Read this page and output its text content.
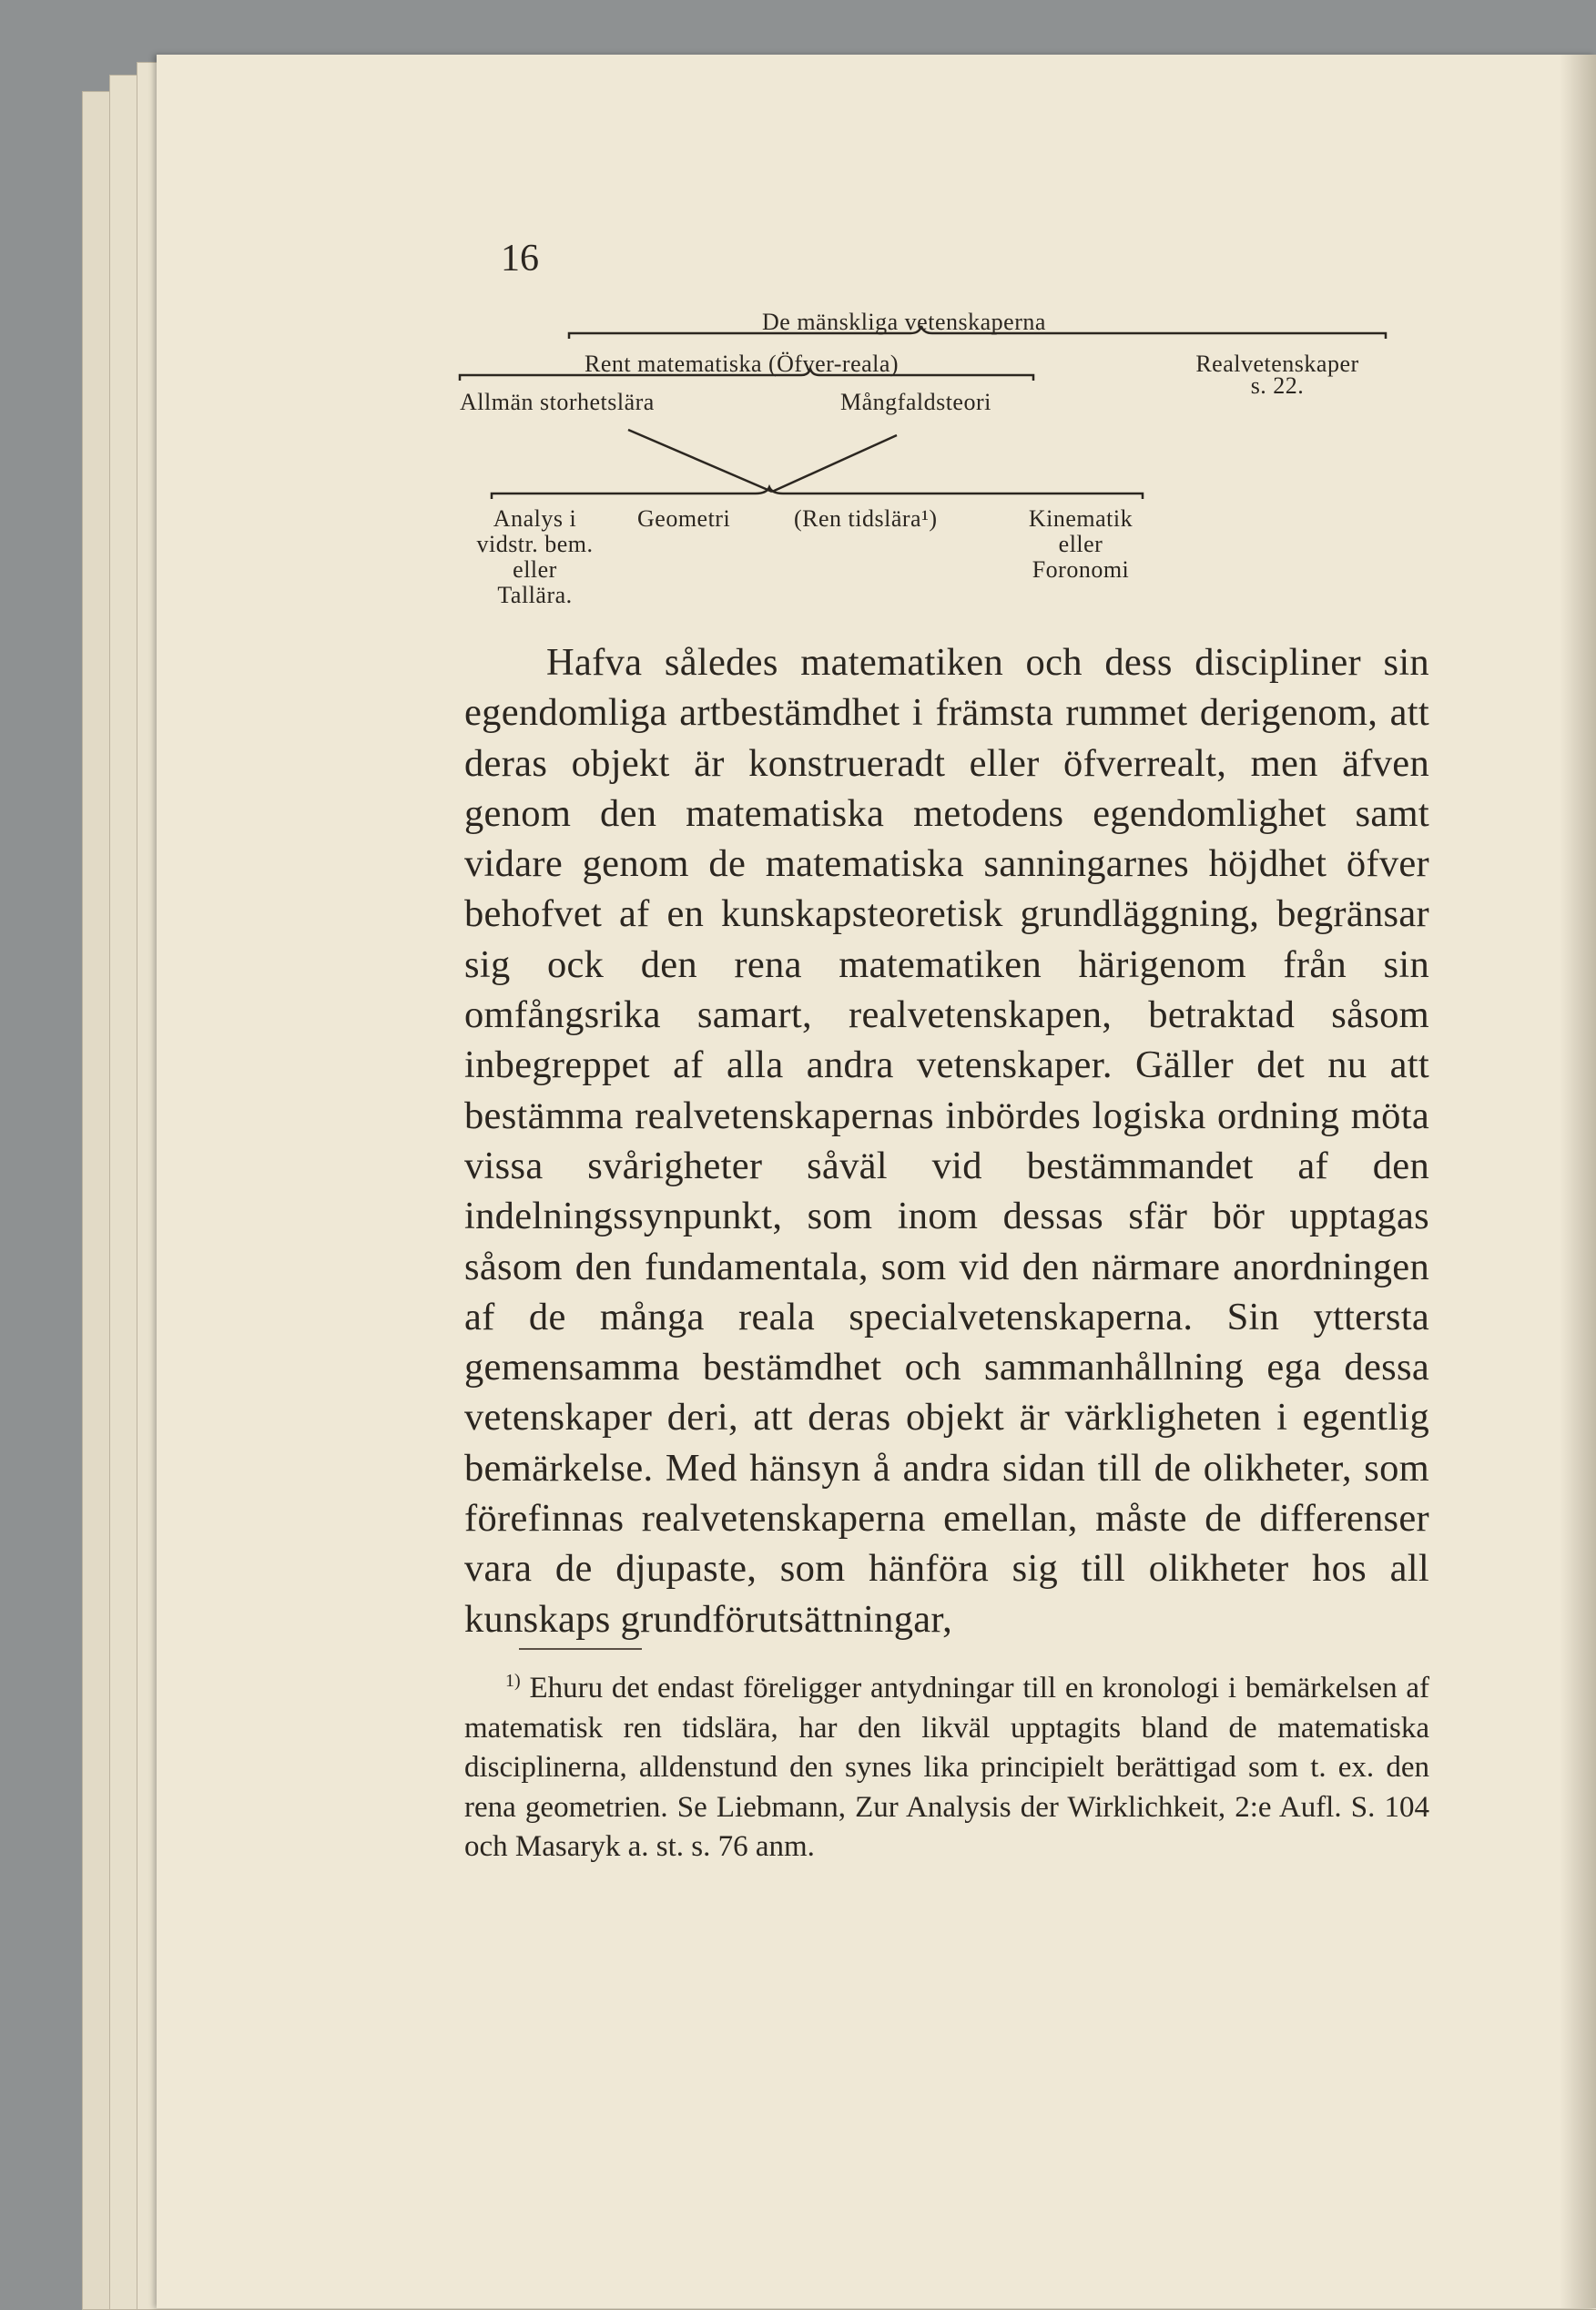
16
De mänskliga vetenskaperna
Rent matematiska (Öfver-reala)	Realvetenskaper
s. 22.
Allmän storhetslära	Mångfaldsteori
Analys i
vidstr. bem.
eller
Tallära.
Geometri	(Ren tidslära¹)	Kinematik
eller
Foronomi

Hafva således matematiken och dess discipliner sin egendomliga artbestämdhet i främsta rummet derigenom, att deras objekt är konstrueradt eller öfverrealt, men äfven genom den matematiska metodens egendomlighet samt vidare genom de matematiska sanningarnes höjdhet öfver behofvet af en kunskapsteoretisk grundläggning, begränsar sig ock den rena matematiken härigenom från sin omfångsrika samart, realvetenskapen, betraktad såsom inbegreppet af alla andra vetenskaper. Gäller det nu att bestämma realvetenskapernas inbördes logiska ordning möta vissa svårigheter såväl vid bestämmandet af den indelningssynpunkt, som inom dessas sfär bör upptagas såsom den fundamentala, som vid den närmare anordningen af de många reala specialvetenskaperna. Sin yttersta gemensamma bestämdhet och sammanhållning ega dessa vetenskaper deri, att deras objekt är värkligheten i egentlig bemärkelse. Med hänsyn å andra sidan till de olikheter, som förefinnas realvetenskaperna emellan, måste de differenser vara de djupaste, som hänföra sig till olikheter hos all kunskaps grundförutsättningar,

$^{1)}$ Ehuru det endast föreligger antydningar till en kronologi i bemärkelsen af matematisk ren tidslära, har den likväl upptagits bland de matematiska disciplinerna, alldenstund den synes lika principielt berättigad som t. ex. den rena geometrien. Se Liebmann, Zur Analysis der Wirklichkeit, 2:e Aufl. S. 104 och Masaryk a. st. s. 76 anm.
